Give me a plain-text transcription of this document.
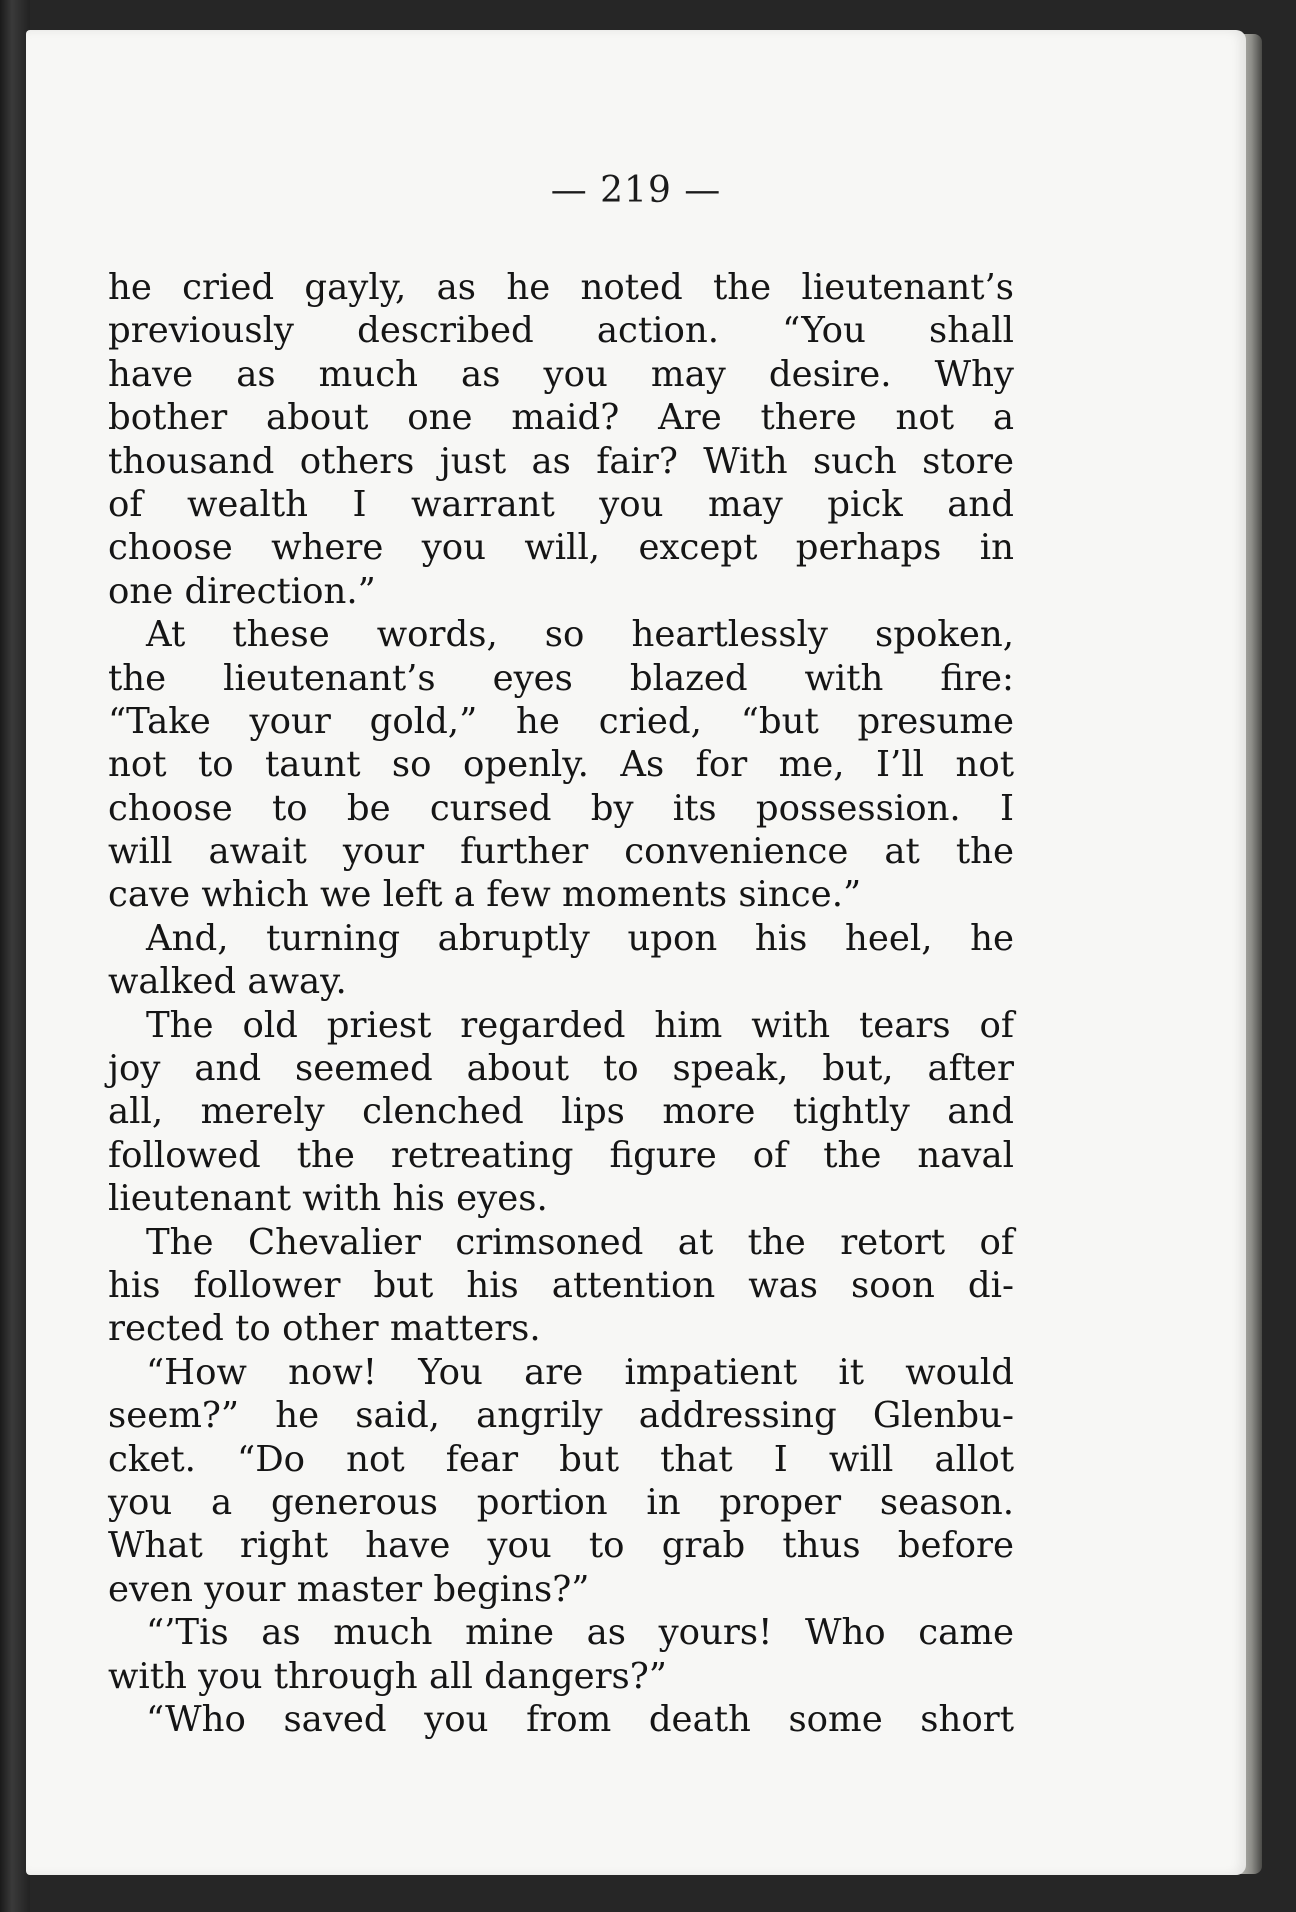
— 219 —
he cried gayly, as he noted the lieutenant’s
previously described action. “You shall
have as much as you may desire. Why
bother about one maid? Are there not a
thousand others just as fair? With such store
of wealth I warrant you may pick and
choose where you will, except perhaps in
one direction.”
At these words, so heartlessly spoken,
the lieutenant’s eyes blazed with fire:
“Take your gold,” he cried, “but presume
not to taunt so openly. As for me, I’ll not
choose to be cursed by its possession. I
will await your further convenience at the
cave which we left a few moments since.”
And, turning abruptly upon his heel, he
walked away.
The old priest regarded him with tears of
joy and seemed about to speak, but, after
all, merely clenched lips more tightly and
followed the retreating figure of the naval
lieutenant with his eyes.
The Chevalier crimsoned at the retort of
his follower but his attention was soon di-
rected to other matters.
“How now! You are impatient it would
seem?” he said, angrily addressing Glenbu-
cket. “Do not fear but that I will allot
you a generous portion in proper season.
What right have you to grab thus before
even your master begins?”
“’Tis as much mine as yours! Who came
with you through all dangers?”
“Who saved you from death some short
